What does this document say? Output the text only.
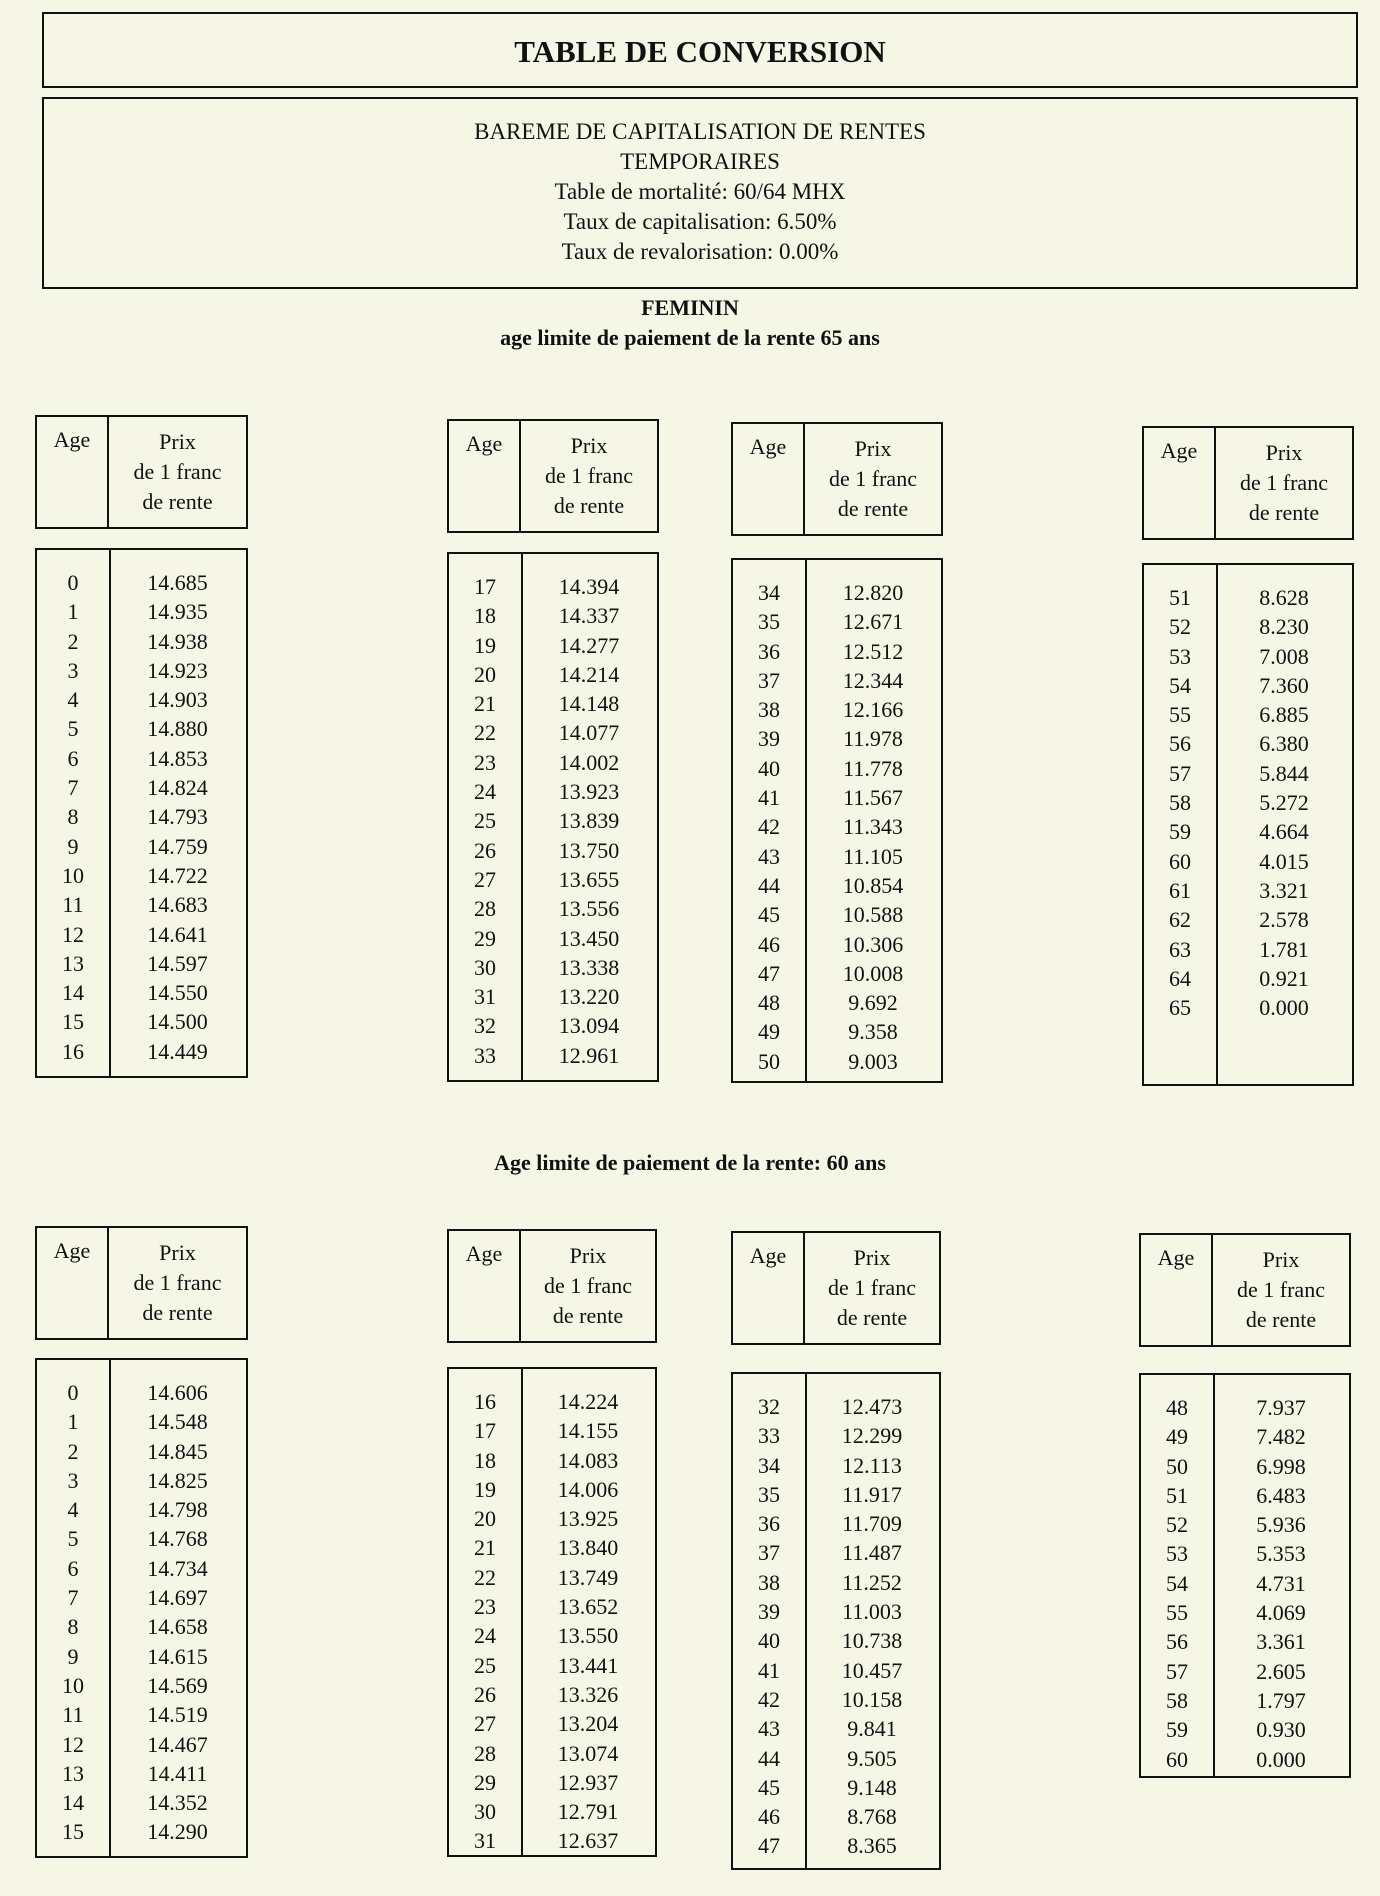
TABLE DE CONVERSION
BAREME DE CAPITALISATION DE RENTES
TEMPORAIRES
Table de mortalité: 60/64 MHX
Taux de capitalisation: 6.50%
Taux de revalorisation: 0.00%
FEMININ
age limite de paiement de la rente 65 ans
Age limite de paiement de la rente: 60 ans
Age	Prix
de 1 franc
de rente
0	14.685
1	14.935
2	14.938
3	14.923
4	14.903
5	14.880
6	14.853
7	14.824
8	14.793
9	14.759
10	14.722
11	14.683
12	14.641
13	14.597
14	14.550
15	14.500
16	14.449
Age	Prix
de 1 franc
de rente
17	14.394
18	14.337
19	14.277
20	14.214
21	14.148
22	14.077
23	14.002
24	13.923
25	13.839
26	13.750
27	13.655
28	13.556
29	13.450
30	13.338
31	13.220
32	13.094
33	12.961
Age	Prix
de 1 franc
de rente
34	12.820
35	12.671
36	12.512
37	12.344
38	12.166
39	11.978
40	11.778
41	11.567
42	11.343
43	11.105
44	10.854
45	10.588
46	10.306
47	10.008
48	9.692
49	9.358
50	9.003
Age	Prix
de 1 franc
de rente
51	8.628
52	8.230
53	7.008
54	7.360
55	6.885
56	6.380
57	5.844
58	5.272
59	4.664
60	4.015
61	3.321
62	2.578
63	1.781
64	0.921
65	0.000
Age	Prix
de 1 franc
de rente
0	14.606
1	14.548
2	14.845
3	14.825
4	14.798
5	14.768
6	14.734
7	14.697
8	14.658
9	14.615
10	14.569
11	14.519
12	14.467
13	14.411
14	14.352
15	14.290
Age	Prix
de 1 franc
de rente
16	14.224
17	14.155
18	14.083
19	14.006
20	13.925
21	13.840
22	13.749
23	13.652
24	13.550
25	13.441
26	13.326
27	13.204
28	13.074
29	12.937
30	12.791
31	12.637
Age	Prix
de 1 franc
de rente
32	12.473
33	12.299
34	12.113
35	11.917
36	11.709
37	11.487
38	11.252
39	11.003
40	10.738
41	10.457
42	10.158
43	9.841
44	9.505
45	9.148
46	8.768
47	8.365
Age	Prix
de 1 franc
de rente
48	7.937
49	7.482
50	6.998
51	6.483
52	5.936
53	5.353
54	4.731
55	4.069
56	3.361
57	2.605
58	1.797
59	0.930
60	0.000
